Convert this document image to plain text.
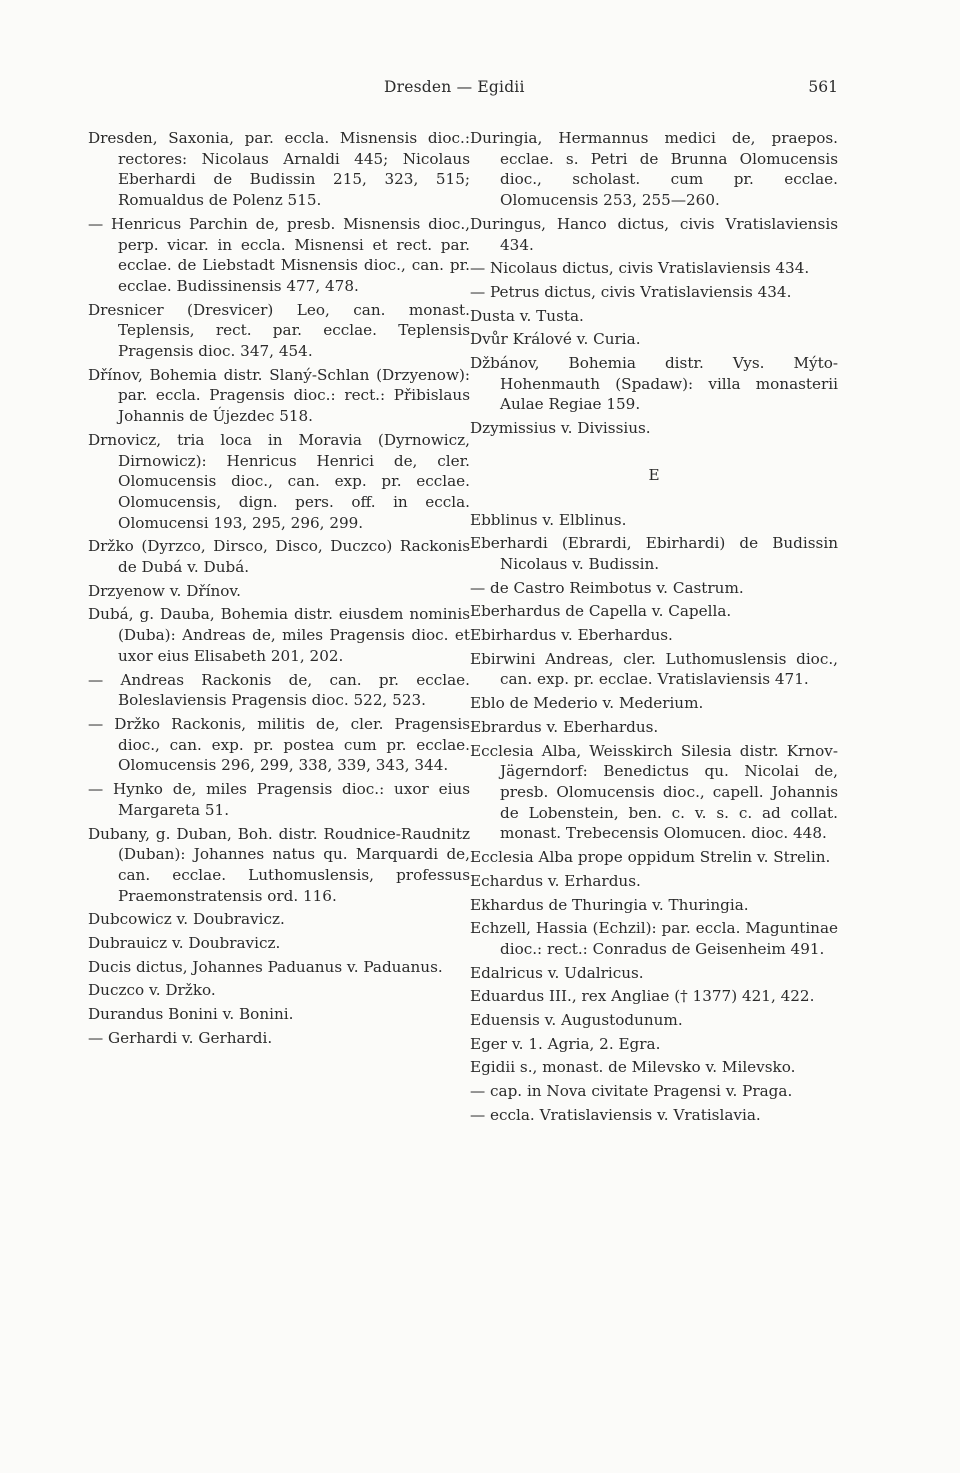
Dresden — Egidii	561

Dresden, Saxonia, par. eccla. Misnensis dioc.: rectores: Nicolaus Arnaldi 445; Nicolaus Eberhardi de Budissin 215, 323, 515; Romualdus de Polenz 515.

— Henricus Parchin de, presb. Misnensis dioc., perp. vicar. in eccla. Misnensi et rect. par. ecclae. de Liebstadt Misnensis dioc., can. pr. ecclae. Budissinensis 477, 478.

Dresnicer (Dresvicer) Leo, can. monast. Teplensis, rect. par. ecclae. Teplensis Pragensis dioc. 347, 454.

Dřínov, Bohemia distr. Slaný-Schlan (Drzyenow): par. eccla. Pragensis dioc.: rect.: Přibislaus Johannis de Újezdec 518.

Drnovicz, tria loca in Moravia (Dyrnowicz, Dirnowicz): Henricus Henrici de, cler. Olomucensis dioc., can. exp. pr. ecclae. Olomucensis, dign. pers. off. in eccla. Olomucensi 193, 295, 296, 299.

Držko (Dyrzco, Dirsco, Disco, Duczco) Rackonis de Dubá v. Dubá.

Drzyenow v. Dřínov.

Dubá, g. Dauba, Bohemia distr. eiusdem nominis (Duba): Andreas de, miles Pragensis dioc. et uxor eius Elisabeth 201, 202.

— Andreas Rackonis de, can. pr. ecclae. Boleslaviensis Pragensis dioc. 522, 523.

— Držko Rackonis, militis de, cler. Pragensis dioc., can. exp. pr. postea cum pr. ecclae. Olomucensis 296, 299, 338, 339, 343, 344.

— Hynko de, miles Pragensis dioc.: uxor eius Margareta 51.

Dubany, g. Duban, Boh. distr. Roudnice-Raudnitz (Duban): Johannes natus qu. Marquardi de, can. ecclae. Luthomuslensis, professus Praemonstratensis ord. 116.

Dubcowicz v. Doubravicz.

Dubrauicz v. Doubravicz.

Ducis dictus, Johannes Paduanus v. Paduanus.

Duczco v. Držko.

Durandus Bonini v. Bonini.

— Gerhardi v. Gerhardi.

Duringia, Hermannus medici de, praepos. ecclae. s. Petri de Brunna Olomucensis dioc., scholast. cum pr. ecclae. Olomucensis 253, 255—260.

Duringus, Hanco dictus, civis Vratislaviensis 434.

— Nicolaus dictus, civis Vratislaviensis 434.

— Petrus dictus, civis Vratislaviensis 434.

Dusta v. Tusta.

Dvůr Králové v. Curia.

Džbánov, Bohemia distr. Vys. Mýto-Hohenmauth (Spadaw): villa monasterii Aulae Regiae 159.

Dzymissius v. Divissius.

E

Ebblinus v. Elblinus.

Eberhardi (Ebrardi, Ebirhardi) de Budissin Nicolaus v. Budissin.

— de Castro Reimbotus v. Castrum.

Eberhardus de Capella v. Capella.

Ebirhardus v. Eberhardus.

Ebirwini Andreas, cler. Luthomuslensis dioc., can. exp. pr. ecclae. Vratislaviensis 471.

Eblo de Mederio v. Mederium.

Ebrardus v. Eberhardus.

Ecclesia Alba, Weisskirch Silesia distr. Krnov-Jägerndorf: Benedictus qu. Nicolai de, presb. Olomucensis dioc., capell. Johannis de Lobenstein, ben. c. v. s. c. ad collat. monast. Trebecensis Olomucen. dioc. 448.

Ecclesia Alba prope oppidum Strelin v. Strelin.

Echardus v. Erhardus.

Ekhardus de Thuringia v. Thuringia.

Echzell, Hassia (Echzil): par. eccla. Maguntinae dioc.: rect.: Conradus de Geisenheim 491.

Edalricus v. Udalricus.

Eduardus III., rex Angliae († 1377) 421, 422.

Eduensis v. Augustodunum.

Eger v. 1. Agria, 2. Egra.

Egidii s., monast. de Milevsko v. Milevsko.

— cap. in Nova civitate Pragensi v. Praga.

— eccla. Vratislaviensis v. Vratislavia.
